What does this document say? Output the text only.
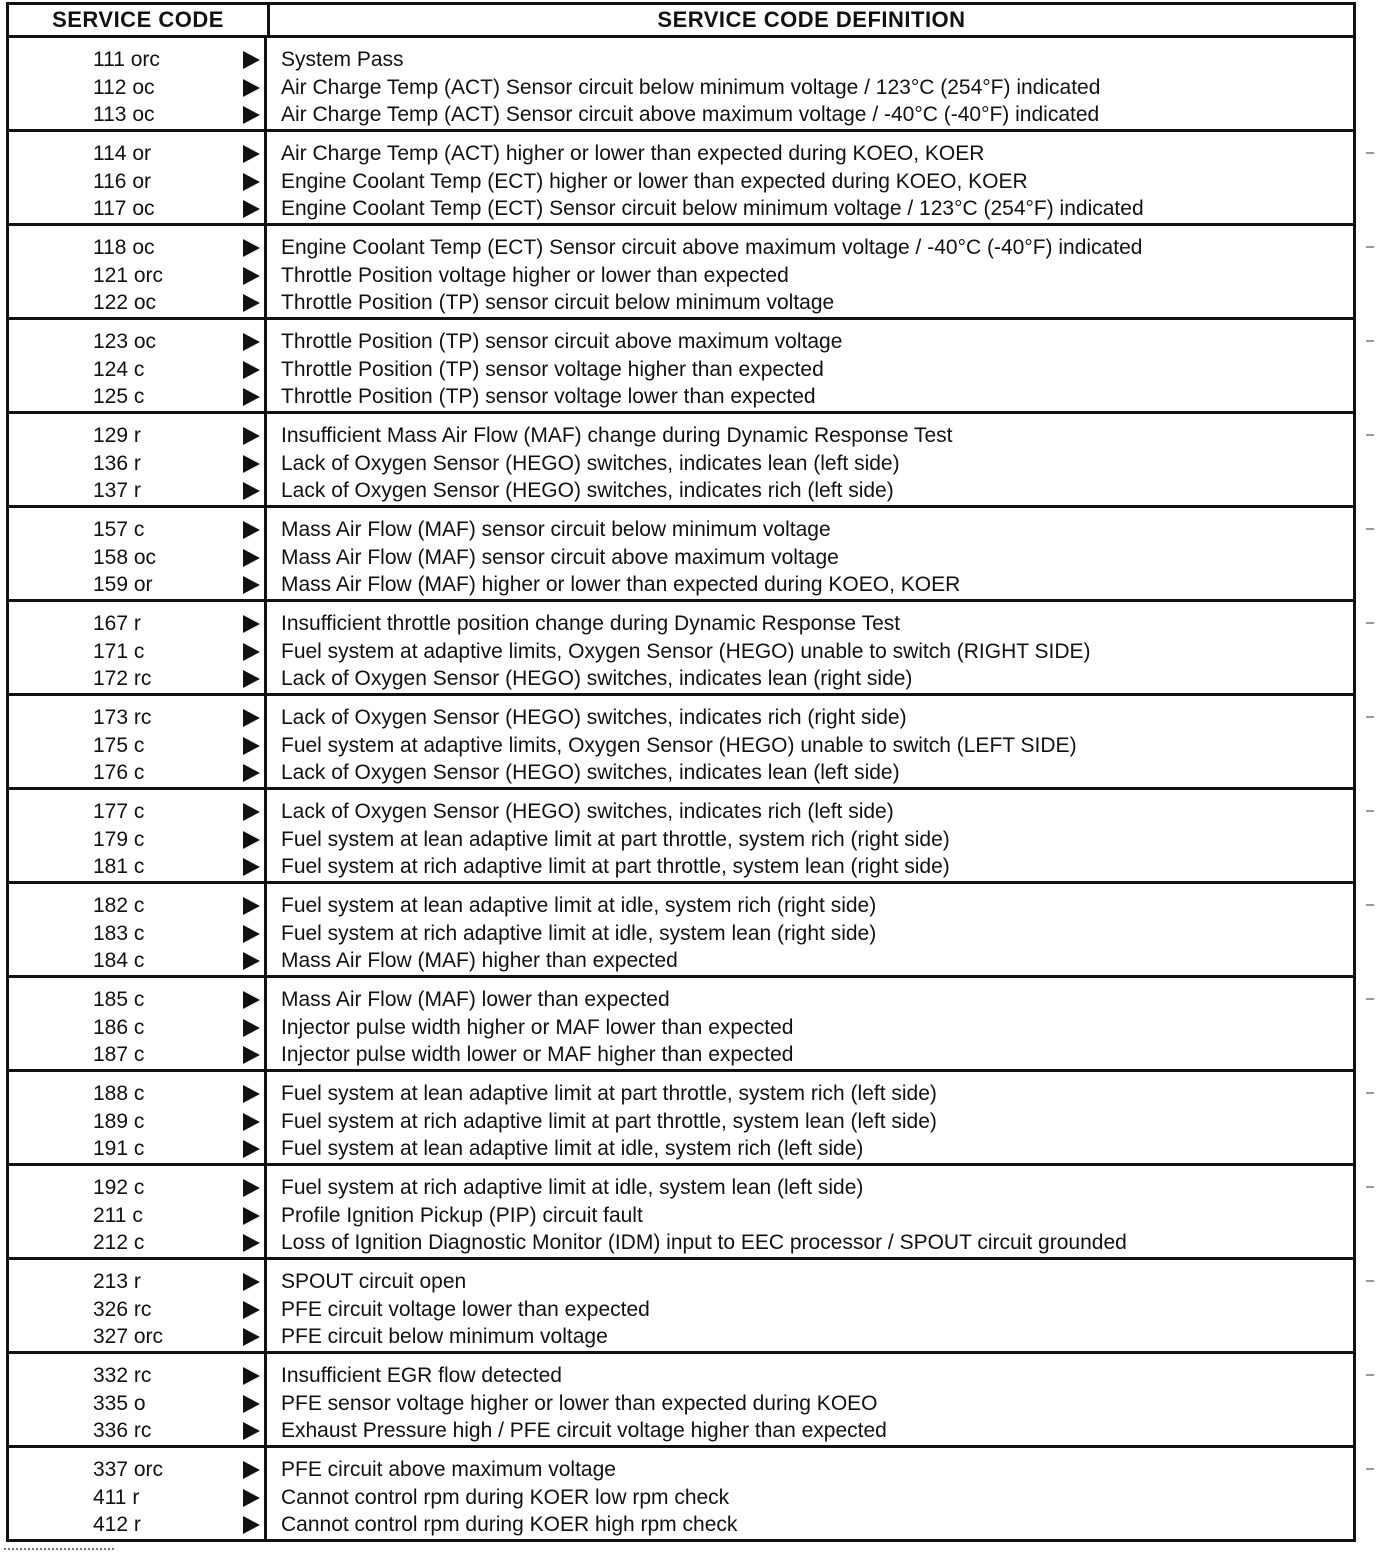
SERVICE CODE	SERVICE CODE DEFINITION
111 orc
112 oc
113 oc
System Pass
Air Charge Temp (ACT) Sensor circuit below minimum voltage / 123°C (254°F) indicated
Air Charge Temp (ACT) Sensor circuit above maximum voltage / -40°C (-40°F) indicated
114 or
116 or
117 oc
Air Charge Temp (ACT) higher or lower than expected during KOEO, KOER
Engine Coolant Temp (ECT) higher or lower than expected during KOEO, KOER
Engine Coolant Temp (ECT) Sensor circuit below minimum voltage / 123°C (254°F) indicated
118 oc
121 orc
122 oc
Engine Coolant Temp (ECT) Sensor circuit above maximum voltage / -40°C (-40°F) indicated
Throttle Position voltage higher or lower than expected
Throttle Position (TP) sensor circuit below minimum voltage
123 oc
124 c
125 c
Throttle Position (TP) sensor circuit above maximum voltage
Throttle Position (TP) sensor voltage higher than expected
Throttle Position (TP) sensor voltage lower than expected
129 r
136 r
137 r
Insufficient Mass Air Flow (MAF) change during Dynamic Response Test
Lack of Oxygen Sensor (HEGO) switches, indicates lean (left side)
Lack of Oxygen Sensor (HEGO) switches, indicates rich (left side)
157 c
158 oc
159 or
Mass Air Flow (MAF) sensor circuit below minimum voltage
Mass Air Flow (MAF) sensor circuit above maximum voltage
Mass Air Flow (MAF) higher or lower than expected during KOEO, KOER
167 r
171 c
172 rc
Insufficient throttle position change during Dynamic Response Test
Fuel system at adaptive limits, Oxygen Sensor (HEGO) unable to switch (RIGHT SIDE)
Lack of Oxygen Sensor (HEGO) switches, indicates lean (right side)
173 rc
175 c
176 c
Lack of Oxygen Sensor (HEGO) switches, indicates rich (right side)
Fuel system at adaptive limits, Oxygen Sensor (HEGO) unable to switch (LEFT SIDE)
Lack of Oxygen Sensor (HEGO) switches, indicates lean (left side)
177 c
179 c
181 c
Lack of Oxygen Sensor (HEGO) switches, indicates rich (left side)
Fuel system at lean adaptive limit at part throttle, system rich (right side)
Fuel system at rich adaptive limit at part throttle, system lean (right side)
182 c
183 c
184 c
Fuel system at lean adaptive limit at idle, system rich (right side)
Fuel system at rich adaptive limit at idle, system lean (right side)
Mass Air Flow (MAF) higher than expected
185 c
186 c
187 c
Mass Air Flow (MAF) lower than expected
Injector pulse width higher or MAF lower than expected
Injector pulse width lower or MAF higher than expected
188 c
189 c
191 c
Fuel system at lean adaptive limit at part throttle, system rich (left side)
Fuel system at rich adaptive limit at part throttle, system lean (left side)
Fuel system at lean adaptive limit at idle, system rich (left side)
192 c
211 c
212 c
Fuel system at rich adaptive limit at idle, system lean (left side)
Profile Ignition Pickup (PIP) circuit fault
Loss of Ignition Diagnostic Monitor (IDM) input to EEC processor / SPOUT circuit grounded
213 r
326 rc
327 orc
SPOUT circuit open
PFE circuit voltage lower than expected
PFE circuit below minimum voltage
332 rc
335 o
336 rc
Insufficient EGR flow detected
PFE sensor voltage higher or lower than expected during KOEO
Exhaust Pressure high / PFE circuit voltage higher than expected
337 orc
411 r
412 r
PFE circuit above maximum voltage
Cannot control rpm during KOER low rpm check
Cannot control rpm during KOER high rpm check
